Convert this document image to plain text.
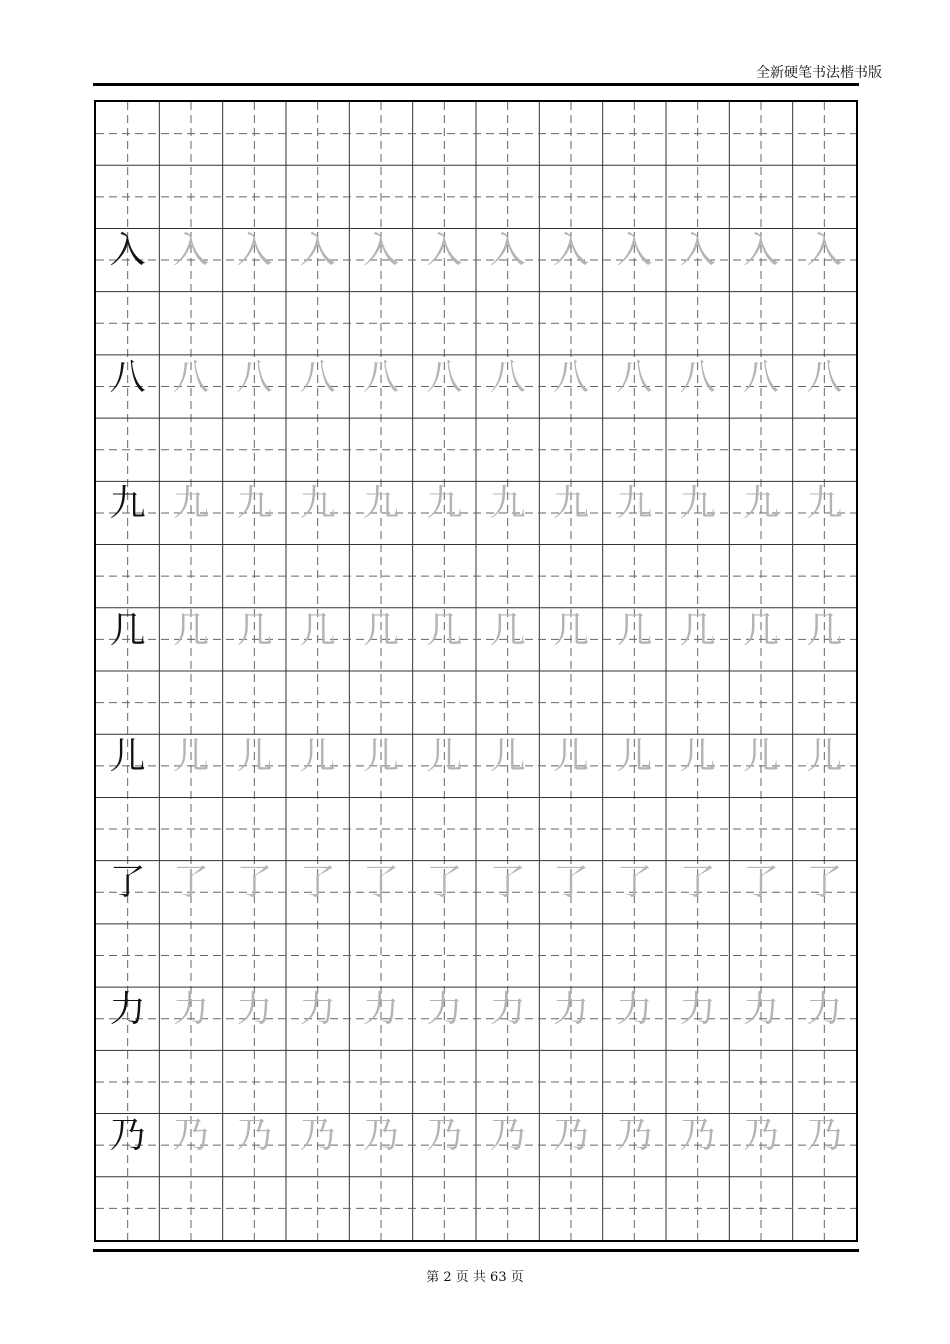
全新硬笔书法楷书版
入 入 入 入 入 入 入 入 入 入 入 入
八 八 八 八 八 八 八 八 八 八 八 八
九 九 九 九 九 九 九 九 九 九 九 九
几 几 几 几 几 几 几 几 几 几 几 几
儿 儿 儿 儿 儿 儿 儿 儿 儿 儿 儿 儿
了 了 了 了 了 了 了 了 了 了 了 了
力 力 力 力 力 力 力 力 力 力 力 力
乃 乃 乃 乃 乃 乃 乃 乃 乃 乃 乃 乃
第 2 页 共 63 页
